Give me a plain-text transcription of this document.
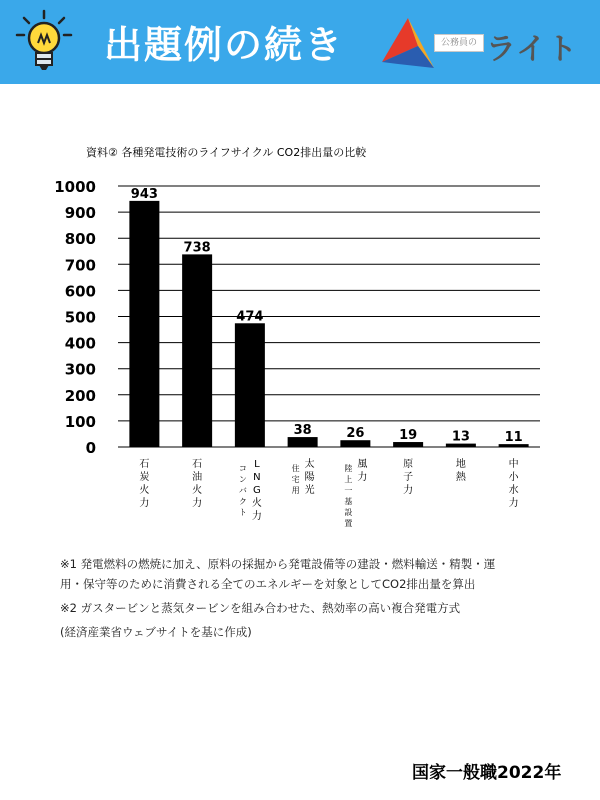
出題例の続き	公務員の ライト
資料② 各種発電技術のライフサイクル CO2排出量の比較
0
100
200
300
400
500
600
700
800
900
1000	943
石
炭
火
力
738
石
油
火
力
474
L
N
G
火
力
コ
ン
バ
ク
ト
38
太
陽
光
住
宅
用
26
風
力
陸
上
一
基
設
置
19
原
子
力
13
地
熱
11
中
小
水
力
※1 発電燃料の燃焼に加え、原料の採掘から発電設備等の建設・燃料輸送・精製・運
用・保守等のために消費される全てのエネルギーを対象としてCO2排出量を算出
※2 ガスタービンと蒸気タービンを組み合わせた、熱効率の高い複合発電方式
(経済産業省ウェブサイトを基に作成)
国家一般職2022年
